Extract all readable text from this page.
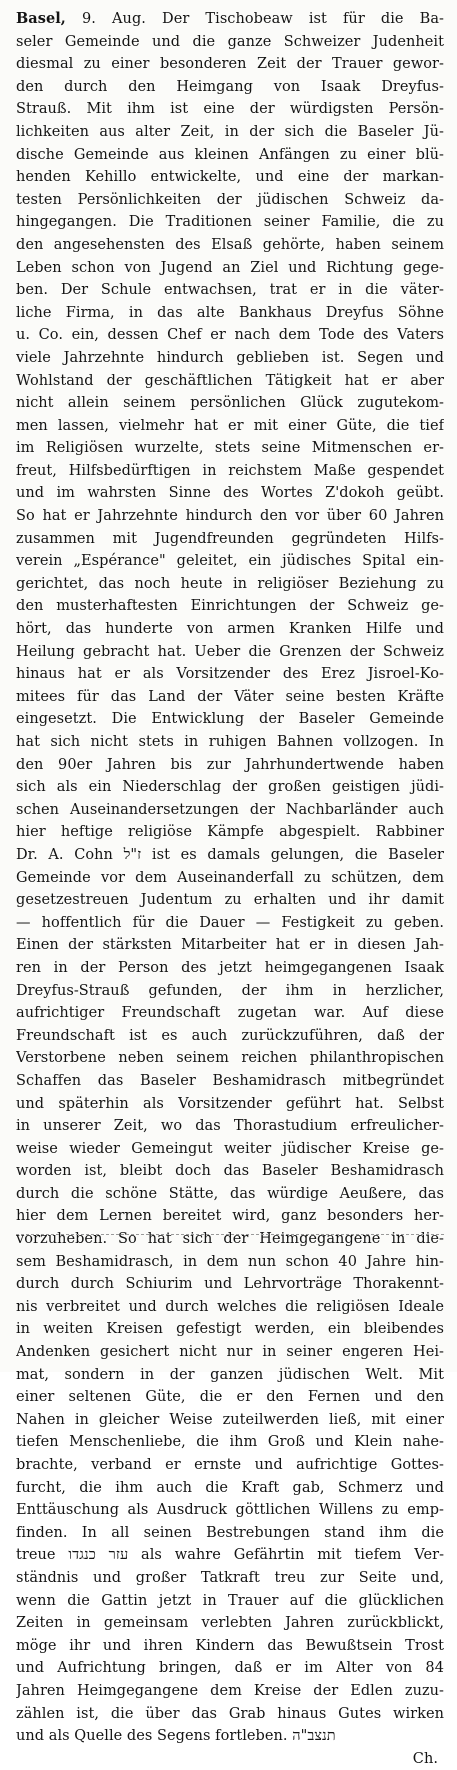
Basel, 9. Aug. Der Tischobeaw ist für die Ba-
seler Gemeinde und die ganze Schweizer Judenheit
diesmal zu einer besonderen Zeit der Trauer gewor-
den durch den Heimgang von Isaak Dreyfus-
Strauß. Mit ihm ist eine der würdigsten Persön-
lichkeiten aus alter Zeit, in der sich die Baseler Jü-
dische Gemeinde aus kleinen Anfängen zu einer blü-
henden Kehillo entwickelte, und eine der markan-
testen Persönlichkeiten der jüdischen Schweiz da-
hingegangen. Die Traditionen seiner Familie, die zu
den angesehensten des Elsaß gehörte, haben seinem
Leben schon von Jugend an Ziel und Richtung gege-
ben. Der Schule entwachsen, trat er in die väter-
liche Firma, in das alte Bankhaus Dreyfus Söhne
u. Co. ein, dessen Chef er nach dem Tode des Vaters
viele Jahrzehnte hindurch geblieben ist. Segen und
Wohlstand der geschäftlichen Tätigkeit hat er aber
nicht allein seinem persönlichen Glück zugutekom-
men lassen, vielmehr hat er mit einer Güte, die tief
im Religiösen wurzelte, stets seine Mitmenschen er-
freut, Hilfsbedürftigen in reichstem Maße gespendet
und im wahrsten Sinne des Wortes Z'dokoh geübt.
So hat er Jahrzehnte hindurch den vor über 60 Jahren
zusammen mit Jugendfreunden gegründeten Hilfs-
verein „Espérance" geleitet, ein jüdisches Spital ein-
gerichtet, das noch heute in religiöser Beziehung zu
den musterhaftesten Einrichtungen der Schweiz ge-
hört, das hunderte von armen Kranken Hilfe und
Heilung gebracht hat. Ueber die Grenzen der Schweiz
hinaus hat er als Vorsitzender des Erez Jisroel-Ko-
mitees für das Land der Väter seine besten Kräfte
eingesetzt. Die Entwicklung der Baseler Gemeinde
hat sich nicht stets in ruhigen Bahnen vollzogen. In
den 90er Jahren bis zur Jahrhundertwende haben
sich als ein Niederschlag der großen geistigen jüdi-
schen Auseinandersetzungen der Nachbarländer auch
hier heftige religiöse Kämpfe abgespielt. Rabbiner
Dr. A. Cohn ז"ל ist es damals gelungen, die Baseler
Gemeinde vor dem Auseinanderfall zu schützen, dem
gesetzestreuen Judentum zu erhalten und ihr damit
— hoffentlich für die Dauer — Festigkeit zu geben.
Einen der stärksten Mitarbeiter hat er in diesen Jah-
ren in der Person des jetzt heimgegangenen Isaak
Dreyfus-Strauß gefunden, der ihm in herzlicher,
aufrichtiger Freundschaft zugetan war. Auf diese
Freundschaft ist es auch zurückzuführen, daß der
Verstorbene neben seinem reichen philanthropischen
Schaffen das Baseler Beshamidrasch mitbegründet
und späterhin als Vorsitzender geführt hat. Selbst
in unserer Zeit, wo das Thorastudium erfreulicher-
weise wieder Gemeingut weiter jüdischer Kreise ge-
worden ist, bleibt doch das Baseler Beshamidrasch
durch die schöne Stätte, das würdige Aeußere, das
hier dem Lernen bereitet wird, ganz besonders her-
vorzuheben. So hat sich der Heimgegangene in die-
sem Beshamidrasch, in dem nun schon 40 Jahre hin-
durch durch Schiurim und Lehrvorträge Thorakennt-
nis verbreitet und durch welches die religiösen Ideale
in weiten Kreisen gefestigt werden, ein bleibendes
Andenken gesichert nicht nur in seiner engeren Hei-
mat, sondern in der ganzen jüdischen Welt. Mit
einer seltenen Güte, die er den Fernen und den
Nahen in gleicher Weise zuteilwerden ließ, mit einer
tiefen Menschenliebe, die ihm Groß und Klein nahe-
brachte, verband er ernste und aufrichtige Gottes-
furcht, die ihm auch die Kraft gab, Schmerz und
Enttäuschung als Ausdruck göttlichen Willens zu emp-
finden. In all seinen Bestrebungen stand ihm die
treue עזר כנגדו als wahre Gefährtin mit tiefem Ver-
ständnis und großer Tatkraft treu zur Seite und,
wenn die Gattin jetzt in Trauer auf die glücklichen
Zeiten in gemeinsam verlebten Jahren zurückblickt,
möge ihr und ihren Kindern das Bewußtsein Trost
und Aufrichtung bringen, daß er im Alter von 84
Jahren Heimgegangene dem Kreise der Edlen zuzu-
zählen ist, die über das Grab hinaus Gutes wirken
und als Quelle des Segens fortleben. תנצב"ה
Ch.
